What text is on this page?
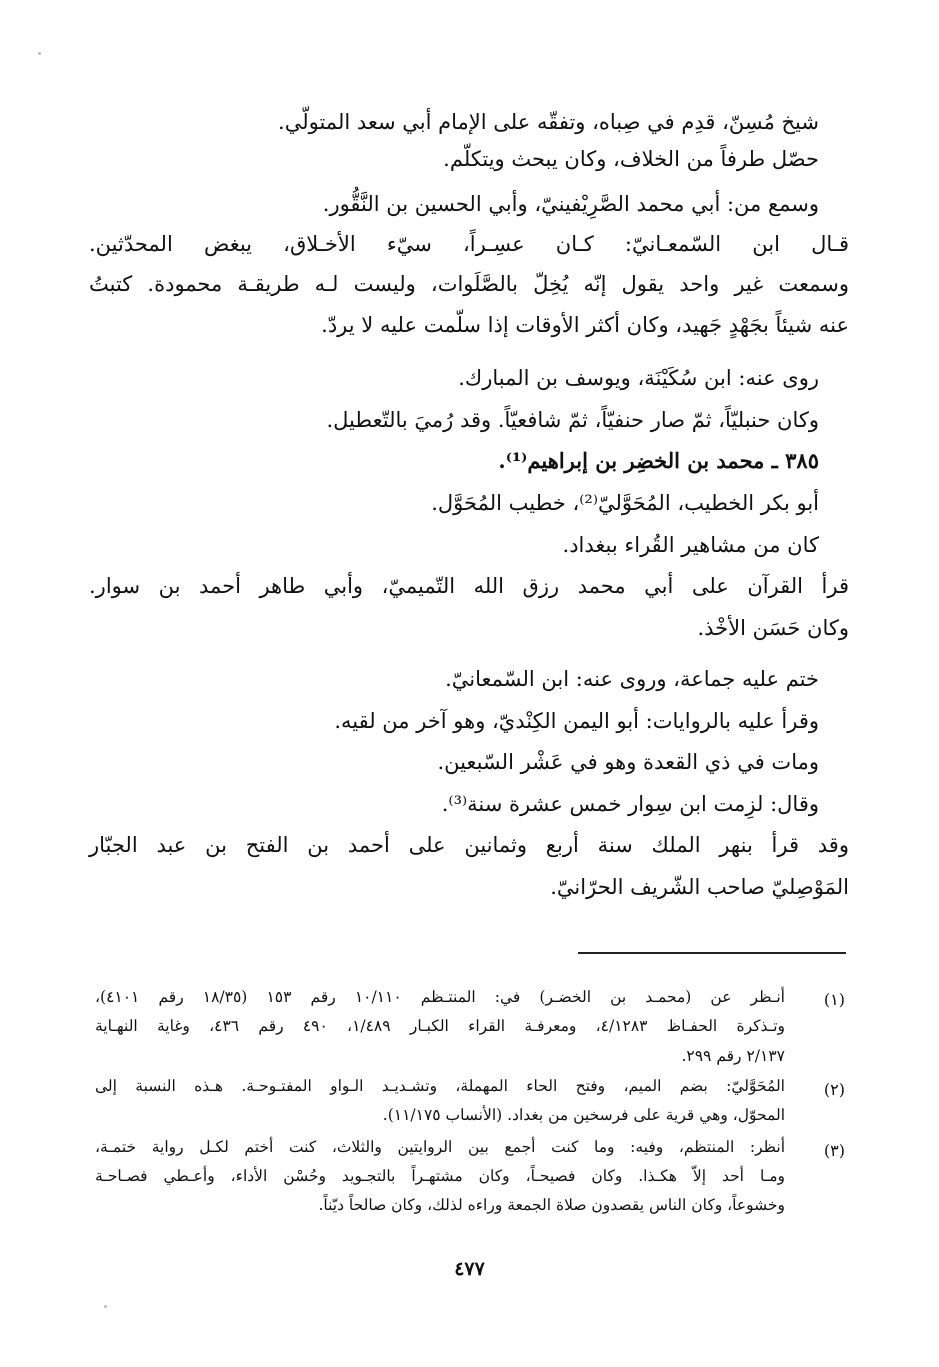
شيخ مُسِنّ، قدِم في صِباه، وتفقّه على الإمام أبي سعد المتولّي.
حصّل طرفاً من الخلاف، وكان يبحث ويتكلّم.
وسمع من: أبي محمد الصَّرِيْفينيّ، وأبي الحسين بن النَّقُّور.
قـال ابن السّمعـانيّ: كـان عسِـراً، سيّء الأخـلاق، يبغض المحدّثين.
وسمعت غير واحد يقول إنّه يُخِلّ بالصَّلَوات، وليست لـه طريقـة محمودة. كتبتُ
عنه شيئاً بجَهْدٍ جَهيد، وكان أكثر الأوقات إذا سلّمت عليه لا يردّ.
روى عنه: ابن سُكَيْنَة، ويوسف بن المبارك.
وكان حنبليّاً، ثمّ صار حنفيّاً، ثمّ شافعيّاً. وقد رُميَ بالتّعطيل.
٣٨٥ ـ محمد بن الخضِر بن إبراهيم⁽¹⁾.
أبو بكر الخطيب، المُحَوَّليّ⁽²⁾، خطيب المُحَوَّل.
كان من مشاهير القُراء ببغداد.
قرأ القرآن على أبي محمد رزق الله التّميميّ، وأبي طاهر أحمد بن سوار.
وكان حَسَن الأخْذ.
ختم عليه جماعة، وروى عنه: ابن السّمعانيّ.
وقرأ عليه بالروايات: أبو اليمن الكِنْديّ، وهو آخر من لقيه.
ومات في ذي القعدة وهو في عَشْر السّبعين.
وقال: لزِمت ابن سِوار خمس عشرة سنة⁽³⁾.
وقد قرأ بنهر الملك سنة أربع وثمانين على أحمد بن الفتح بن عبد الجبّار
المَوْصِليّ صاحب الشّريف الحرّانيّ.
(١)
أنـظر عن (محمـد بن الخضـر) في: المنتـظم ١٠/١١٠ رقم ١٥٣ (١٨/٣٥ رقم ٤١٠١)،
وتـذكرة الحفـاظ ٤/١٢٨٣، ومعرفـة القراء الكبـار ١/٤٨٩، ٤٩٠ رقم ٤٣٦، وغاية النهـاية
٢/١٣٧ رقم ٢٩٩.
(٢)
المُحَوَّليّ: بضم الميم، وفتح الحاء المهملة، وتشـديـد الـواو المفتـوحـة. هـذه النسبة إلى
المحوّل، وهي قرية على فرسخين من بغداد. (الأنساب ١١/١٧٥).
(٣)
أنظر: المنتظم، وفيه: وما كنت أجمع بين الروايتين والثلاث، كنت أختم لكـل رواية ختمـة،
ومـا أحد إلاّ هكـذا. وكان فصيحـاً، وكان مشتهـراً بالتجـويد وحُسْن الأداء، وأعـطي فصـاحـة
وخشوعاً، وكان الناس يقصدون صلاة الجمعة وراءه لذلك، وكان صالحاً ديّناً.
٤٧٧
